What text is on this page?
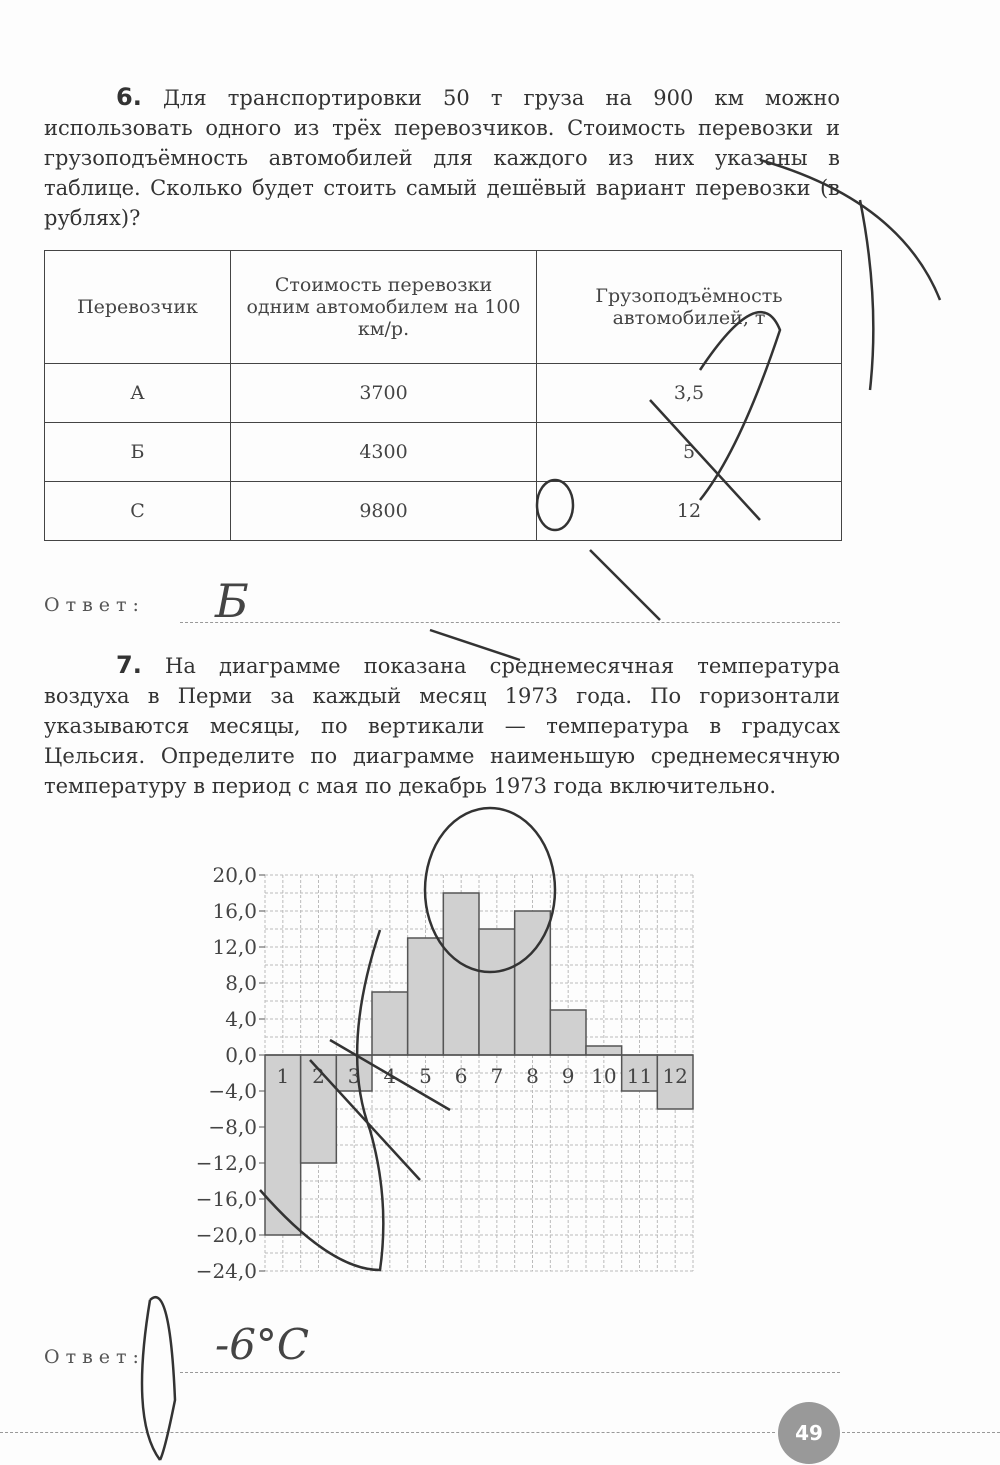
6. Для транспортировки 50 т груза на 900 км можно использовать одного из трёх перевозчиков. Стоимость перевозки и грузоподъёмность автомобилей для каждого из них указаны в таблице. Сколько будет стоить самый дешёвый вариант перевозки (в рублях)?
Перевозчик	Стоимость перевозки одним автомобилем на 100 км/р.	Грузоподъёмность автомобилей, т
А	3700	3,5
Б	4300	5
С	9800	12
Ответ: Б
7. На диаграмме показана среднемесячная температура воздуха в Перми за каждый месяц 1973 года. По горизонтали указываются месяцы, по вертикали — температура в градусах Цельсия. Определите по диаграмме наименьшую среднемесячную температуру в период с мая по декабрь 1973 года включительно.
1 2 3 4 5 6 7 8 9 10 11 12
20,0
16,0
12,0
8,0
4,0
0,0
−4,0
−8,0
−12,0
−16,0
−20,0
−24,0
Ответ: -6°C
49
